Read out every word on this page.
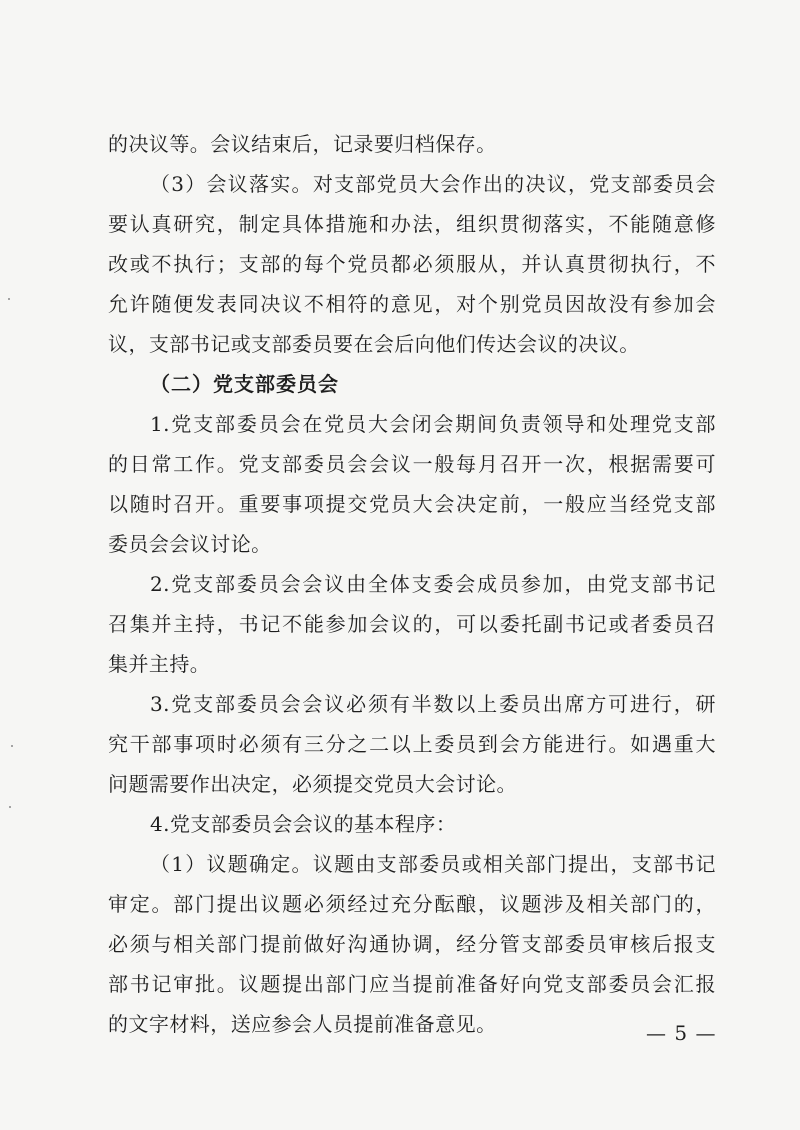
的决议等。会议结束后，记录要归档保存。
（3）会议落实。对支部党员大会作出的决议，党支部委员会
要认真研究，制定具体措施和办法，组织贯彻落实，不能随意修
改或不执行；支部的每个党员都必须服从，并认真贯彻执行，不
允许随便发表同决议不相符的意见，对个别党员因故没有参加会
议，支部书记或支部委员要在会后向他们传达会议的决议。
（二）党支部委员会
1.党支部委员会在党员大会闭会期间负责领导和处理党支部
的日常工作。党支部委员会会议一般每月召开一次，根据需要可
以随时召开。重要事项提交党员大会决定前，一般应当经党支部
委员会会议讨论。
2.党支部委员会会议由全体支委会成员参加，由党支部书记
召集并主持，书记不能参加会议的，可以委托副书记或者委员召
集并主持。
3.党支部委员会会议必须有半数以上委员出席方可进行，研
究干部事项时必须有三分之二以上委员到会方能进行。如遇重大
问题需要作出决定，必须提交党员大会讨论。
4.党支部委员会会议的基本程序：
（1）议题确定。议题由支部委员或相关部门提出，支部书记
审定。部门提出议题必须经过充分酝酿，议题涉及相关部门的，
必须与相关部门提前做好沟通协调，经分管支部委员审核后报支
部书记审批。议题提出部门应当提前准备好向党支部委员会汇报
的文字材料，送应参会人员提前准备意见。	— 5 —
